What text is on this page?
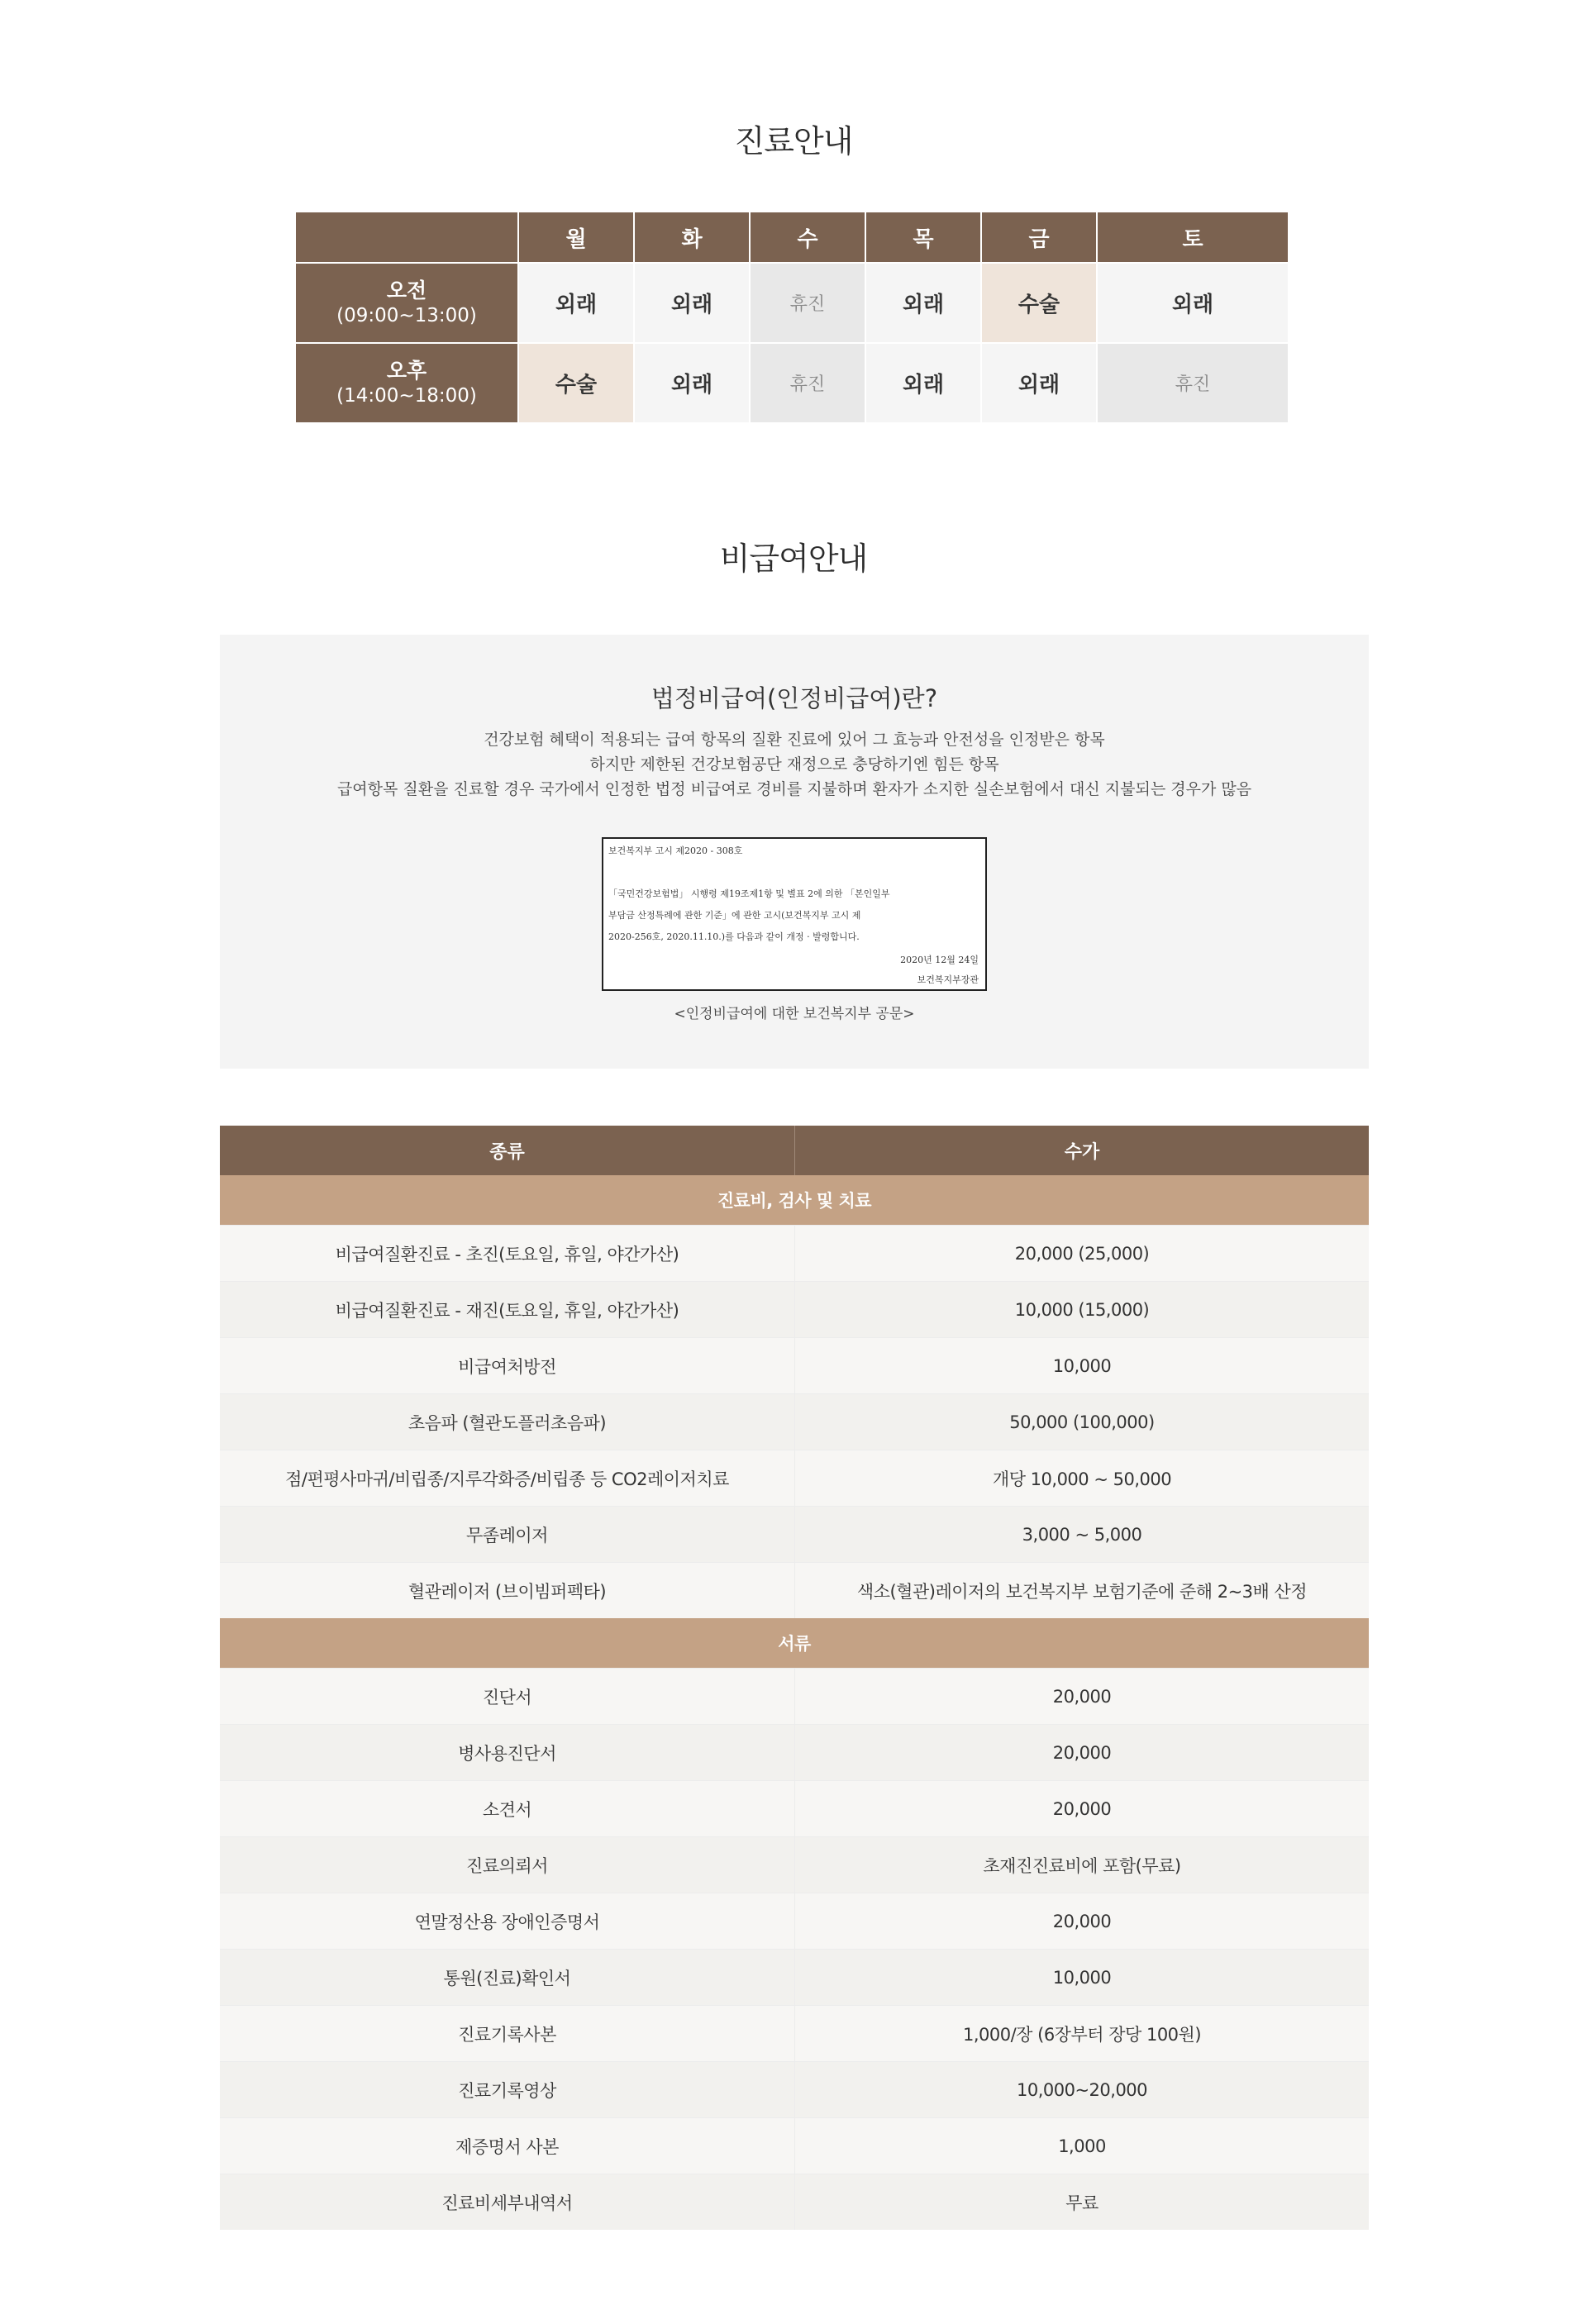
진료안내
	월	화	수	목	금	토

오전
(09:00~13:00)	외래	외래	휴진	외래	수술	외래

오후
(14:00~18:00)	수술	외래	휴진	외래	외래	휴진
비급여안내
법정비급여(인정비급여)란?
건강보험 혜택이 적용되는 급여 항목의 질환 진료에 있어 그 효능과 안전성을 인정받은 항목
하지만 제한된 건강보험공단 재정으로 충당하기엔 힘든 항목
급여항목 질환을 진료할 경우 국가에서 인정한 법정 비급여로 경비를 지불하며 환자가 소지한 실손보험에서 대신 지불되는 경우가 많음
보건복지부 고시 제2020 - 308호
「국민건강보험법」 시행령 제19조제1항 및 별표 2에 의한 「본인일부
부담금 산정특례에 관한 기준」에 관한 고시(보건복지부 고시 제
2020-256호, 2020.11.10.)를 다음과 같이 개정 · 발령합니다.
2020년 12월 24일
보건복지부장관
<인정비급여에 대한 보건복지부 공문>
종류	수가
진료비, 검사 및 치료	
비급여질환진료 - 초진(토요일, 휴일, 야간가산)	20,000 (25,000)
비급여질환진료 - 재진(토요일, 휴일, 야간가산)	10,000 (15,000)
비급여처방전	10,000
초음파 (혈관도플러초음파)	50,000 (100,000)
점/편평사마귀/비립종/지루각화증/비립종 등 CO2레이저치료	개당 10,000 ~ 50,000
무좀레이저	3,000 ~ 5,000
혈관레이저 (브이빔퍼펙타)	색소(혈관)레이저의 보건복지부 보험기준에 준해 2~3배 산정
서류	
진단서	20,000
병사용진단서	20,000
소견서	20,000
진료의뢰서	초재진진료비에 포함(무료)
연말정산용 장애인증명서	20,000
통원(진료)확인서	10,000
진료기록사본	1,000/장 (6장부터 장당 100원)
진료기록영상	10,000~20,000
제증명서 사본	1,000
진료비세부내역서	무료
